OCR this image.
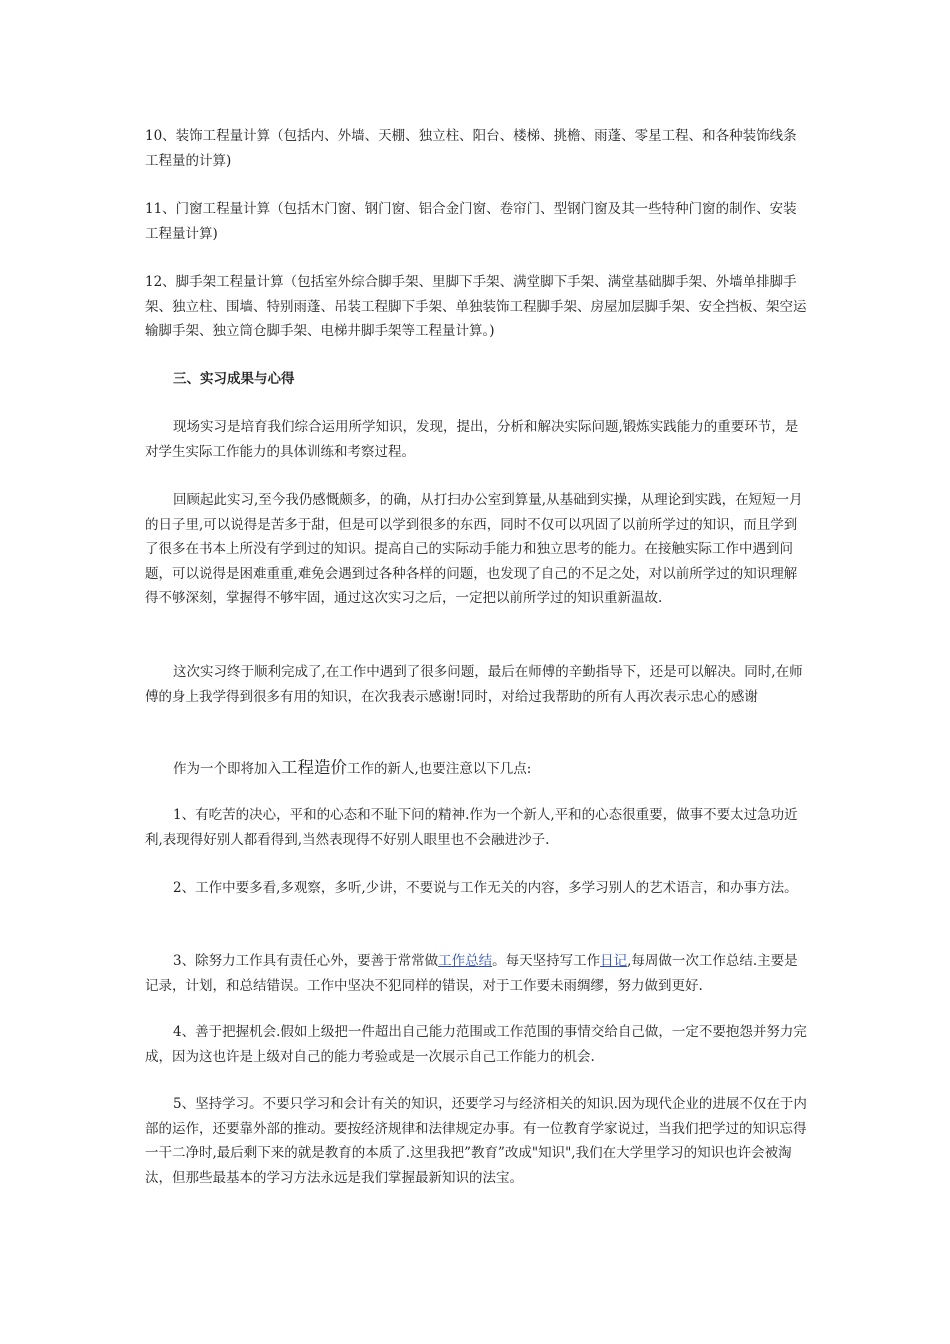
10、装饰工程量计算（包括内、外墙、天棚、独立柱、阳台、楼梯、挑檐、雨蓬、零星工程、和各种装饰线条工程量的计算)
11、门窗工程量计算（包括木门窗、钢门窗、铝合金门窗、卷帘门、型钢门窗及其一些特种门窗的制作、安装工程量计算)
12、脚手架工程量计算（包括室外综合脚手架、里脚下手架、满堂脚下手架、满堂基础脚手架、外墙单排脚手架、独立柱、围墙、特别雨蓬、吊装工程脚下手架、单独装饰工程脚手架、房屋加层脚手架、安全挡板、架空运输脚手架、独立筒仓脚手架、电梯井脚手架等工程量计算。)
三、实习成果与心得
现场实习是培育我们综合运用所学知识，发现，提出，分析和解决实际问题,锻炼实践能力的重要环节，是对学生实际工作能力的具体训练和考察过程。
回顾起此实习,至今我仍感慨颇多，的确，从打扫办公室到算量,从基础到实操，从理论到实践，在短短一月的日子里,可以说得是苦多于甜，但是可以学到很多的东西，同时不仅可以巩固了以前所学过的知识，而且学到了很多在书本上所没有学到过的知识。提高自己的实际动手能力和独立思考的能力。在接触实际工作中遇到问题，可以说得是困难重重,难免会遇到过各种各样的问题，也发现了自己的不足之处，对以前所学过的知识理解得不够深刻，掌握得不够牢固，通过这次实习之后，一定把以前所学过的知识重新温故.
这次实习终于顺利完成了,在工作中遇到了很多问题，最后在师傅的辛勤指导下，还是可以解决。同时,在师傅的身上我学得到很多有用的知识，在次我表示感谢!同时，对给过我帮助的所有人再次表示忠心的感谢
作为一个即将加入工程造价工作的新人,也要注意以下几点:
1、有吃苦的决心，平和的心态和不耻下问的精神.作为一个新人,平和的心态很重要，做事不要太过急功近利,表现得好别人都看得到,当然表现得不好别人眼里也不会融进沙子.
2、工作中要多看,多观察，多听,少讲，不要说与工作无关的内容，多学习别人的艺术语言，和办事方法。
3、除努力工作具有责任心外，要善于常常做工作总结。每天坚持写工作日记,每周做一次工作总结.主要是记录，计划，和总结错误。工作中坚决不犯同样的错误，对于工作要未雨绸缪，努力做到更好.
4、善于把握机会.假如上级把一件超出自己能力范围或工作范围的事情交给自己做，一定不要抱怨并努力完成，因为这也许是上级对自己的能力考验或是一次展示自己工作能力的机会.
5、坚持学习。不要只学习和会计有关的知识，还要学习与经济相关的知识.因为现代企业的进展不仅在于内部的运作，还要靠外部的推动。要按经济规律和法律规定办事。有一位教育学家说过，当我们把学过的知识忘得一干二净时,最后剩下来的就是教育的本质了.这里我把”教育”改成"知识",我们在大学里学习的知识也许会被淘汰，但那些最基本的学习方法永远是我们掌握最新知识的法宝。
